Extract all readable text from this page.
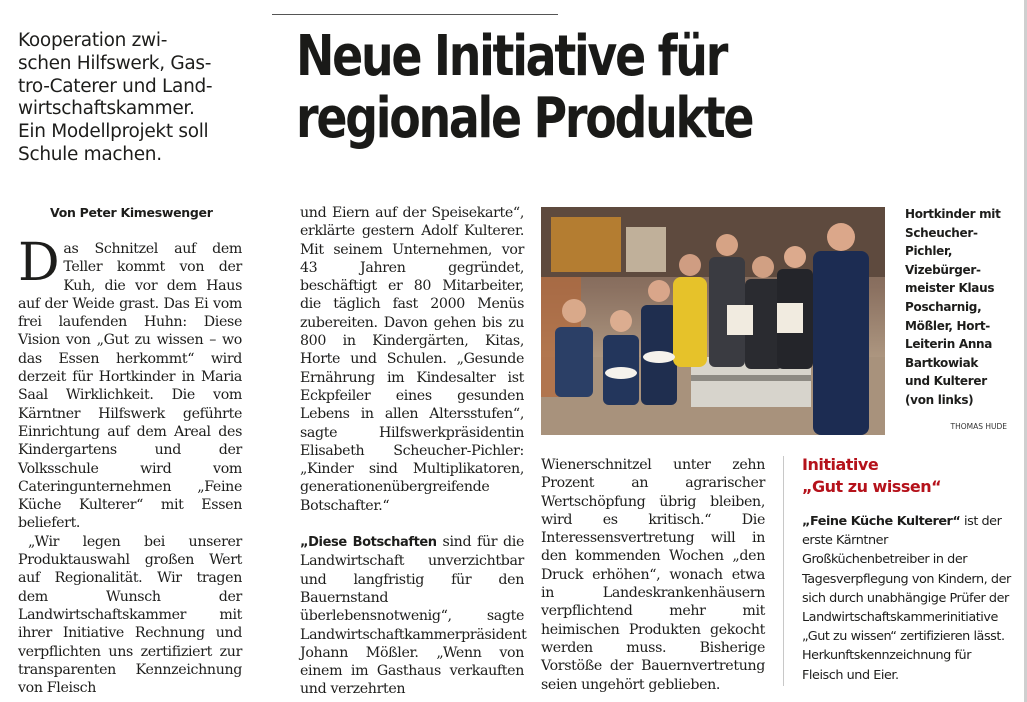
Kooperation zwi-
schen Hilfswerk, Gas-
tro-Caterer und Land-
wirtschaftskammer.
Ein Modellprojekt soll
Schule machen.

Neue Initiative für
regionale Produkte

Von Peter Kimeswenger

D as Schnitzel auf dem Teller kommt von der Kuh, die vor dem Haus auf der Weide grast. Das Ei vom frei laufenden Huhn: Diese Vision von „Gut zu wissen – wo das Essen herkommt“ wird derzeit für Hortkinder in Maria Saal Wirklichkeit. Die vom Kärntner Hilfswerk geführte Einrichtung auf dem Areal des Kindergartens und der Volksschule wird vom Cateringunternehmen „Feine Küche Kulterer“ mit Essen beliefert.

„Wir legen bei unserer Produktauswahl großen Wert auf Regionalität. Wir tragen dem Wunsch der Landwirtschaftskammer mit ihrer Initiative Rechnung und verpflichten uns zertifiziert zur transparenten Kennzeichnung von Fleisch

und Eiern auf der Speisekarte“, erklärte gestern Adolf Kulterer. Mit seinem Unternehmen, vor 43 Jahren gegründet, beschäftigt er 80 Mitarbeiter, die täglich fast 2000 Menüs zubereiten. Davon gehen bis zu 800 in Kindergärten, Kitas, Horte und Schulen. „Gesunde Ernährung im Kindesalter ist Eckpfeiler eines gesunden Lebens in allen Altersstufen“, sagte Hilfswerkpräsidentin Elisabeth Scheucher-Pichler: „Kinder sind Multiplikatoren, generationenübergreifende Botschafter.“

„Diese Botschaften sind für die Landwirtschaft unverzichtbar und langfristig für den Bauernstand überlebensnotwenig“, sagte Landwirtschaftkammerpräsident Johann Mößler. „Wenn von einem im Gasthaus verkauften und verzehrten

Wienerschnitzel unter zehn Prozent an agrarischer Wertschöpfung übrig bleiben, wird es kritisch.“ Die Interessensvertretung will in den kommenden Wochen „den Druck erhöhen“, wonach etwa in Landeskrankenhäusern verpflichtend mehr mit heimischen Produkten gekocht werden muss. Bisherige Vorstöße der Bauernvertretung seien ungehört geblieben.

Hortkinder mit
Scheucher-
Pichler,
Vizebürger-
meister Klaus
Poscharnig,
Mößler, Hort-
Leiterin Anna
Bartkowiak
und Kulterer
(von links)

THOMAS HUDE

Initiative
„Gut zu wissen“

„Feine Küche Kulterer“ ist der erste Kärntner Großküchenbetreiber in der Tagesverpflegung von Kindern, der sich durch unabhängige Prüfer der Landwirtschaftskammerinitiative „Gut zu wissen“ zertifizieren lässt. Herkunftskennzeichnung für Fleisch und Eier.
